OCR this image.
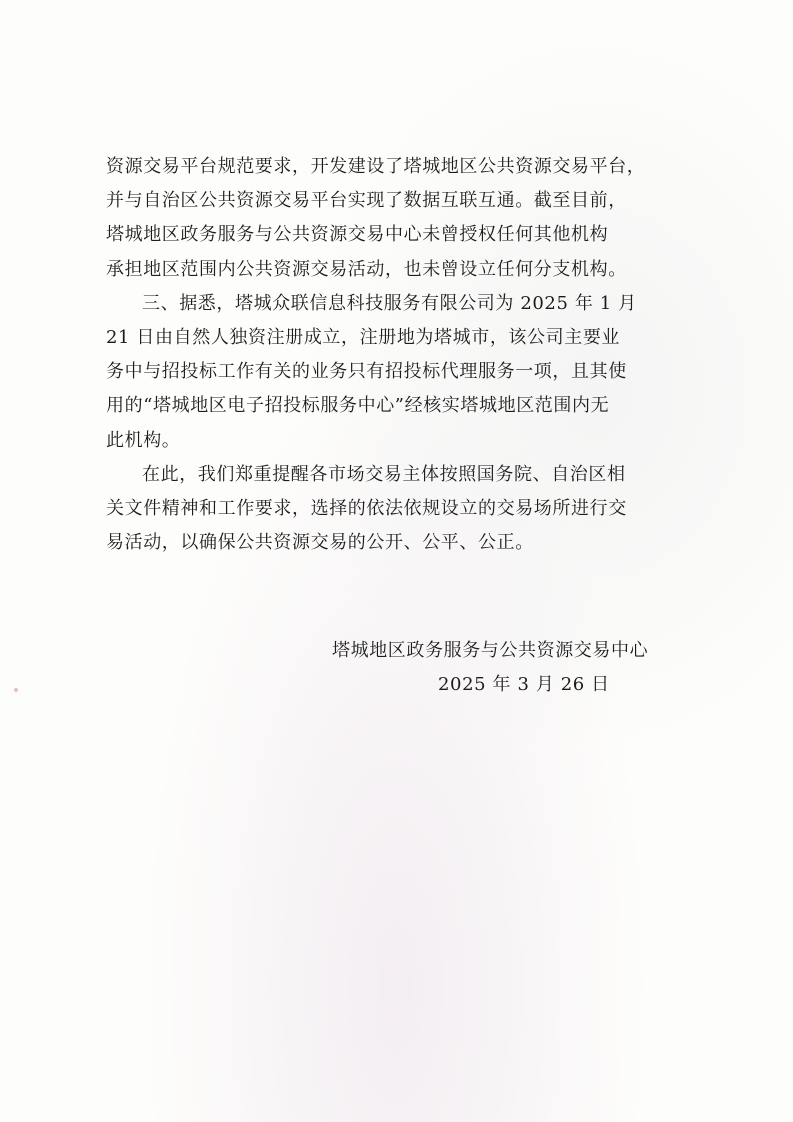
资源交易平台规范要求，开发建设了塔城地区公共资源交易平台，
并与自治区公共资源交易平台实现了数据互联互通。截至目前，
塔城地区政务服务与公共资源交易中心未曾授权任何其他机构
承担地区范围内公共资源交易活动，也未曾设立任何分支机构。

三、据悉，塔城众联信息科技服务有限公司为 2025 年 1 月
21 日由自然人独资注册成立，注册地为塔城市，该公司主要业
务中与招投标工作有关的业务只有招投标代理服务一项，且其使
用的“塔城地区电子招投标服务中心”经核实塔城地区范围内无
此机构。

在此，我们郑重提醒各市场交易主体按照国务院、自治区相
关文件精神和工作要求，选择的依法依规设立的交易场所进行交
易活动，以确保公共资源交易的公开、公平、公正。

塔城地区政务服务与公共资源交易中心
2025 年 3 月 26 日
